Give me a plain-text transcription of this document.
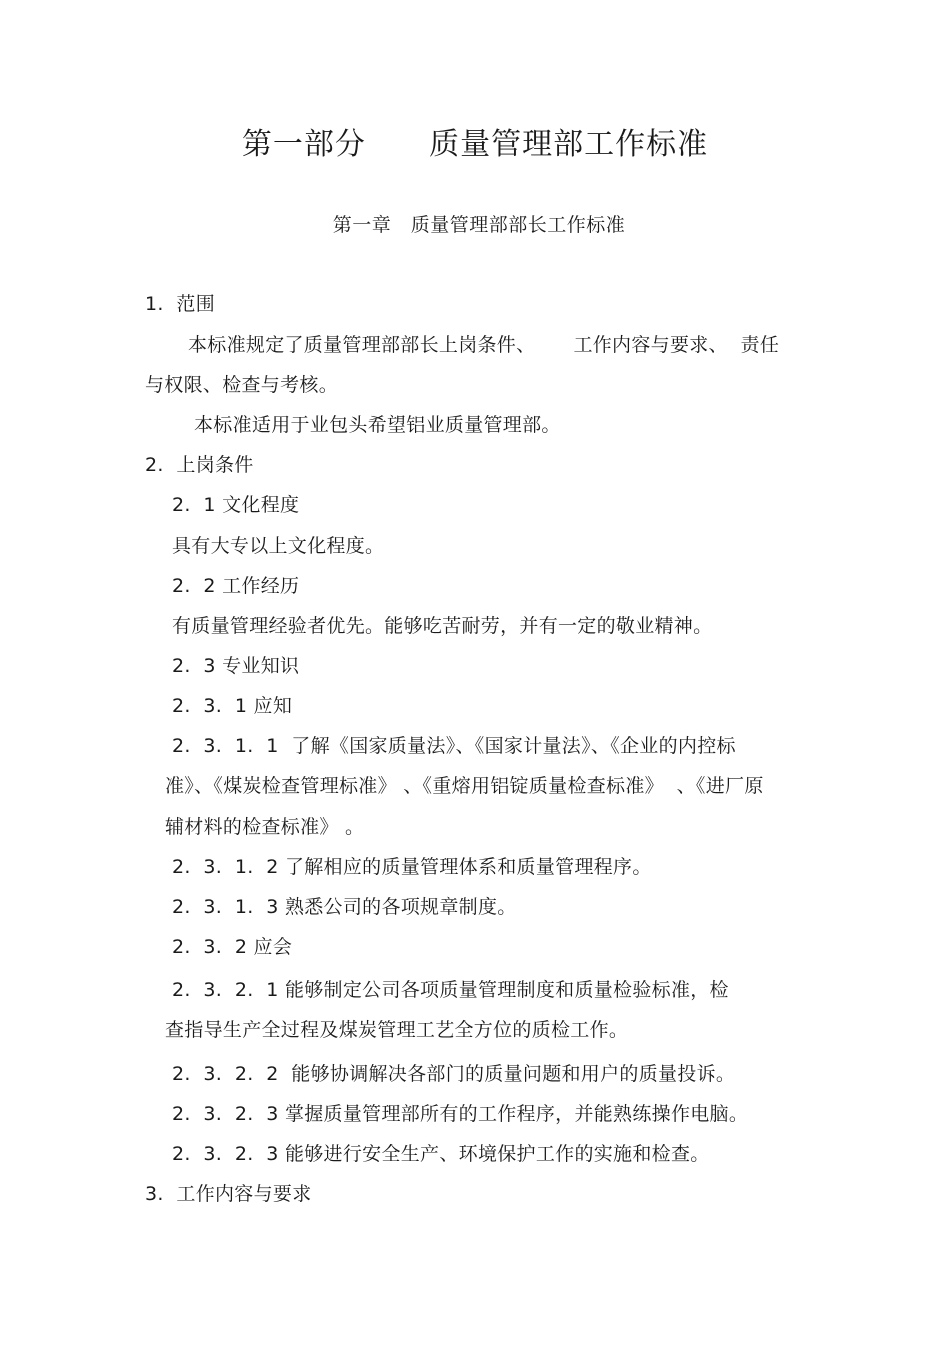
第一部分      质量管理部工作标准
第一章   质量管理部部长工作标准
1.  范围
本标准规定了质量管理部部长上岗条件、      工作内容与要求、  责任
与权限、检查与考核。
本标准适用于业包头希望铝业质量管理部。
2.  上岗条件
2.  1 文化程度
具有大专以上文化程度。
2.  2 工作经历
有质量管理经验者优先。能够吃苦耐劳，并有一定的敬业精神。
2.  3 专业知识
2.  3.  1 应知
2.  3.  1.  1  了解《国家质量法》、《国家计量法》、《企业的内控标
准》、《煤炭检查管理标准》 、《重熔用铝锭质量检查标准》  、《进厂原
辅材料的检查标准》 。
2.  3.  1.  2 了解相应的质量管理体系和质量管理程序。
2.  3.  1.  3 熟悉公司的各项规章制度。
2.  3.  2 应会
2.  3.  2.  1 能够制定公司各项质量管理制度和质量检验标准，检
查指导生产全过程及煤炭管理工艺全方位的质检工作。
2.  3.  2.  2  能够协调解决各部门的质量问题和用户的质量投诉。
2.  3.  2.  3 掌握质量管理部所有的工作程序，并能熟练操作电脑。
2.  3.  2.  3 能够进行安全生产、环境保护工作的实施和检查。
3.  工作内容与要求
